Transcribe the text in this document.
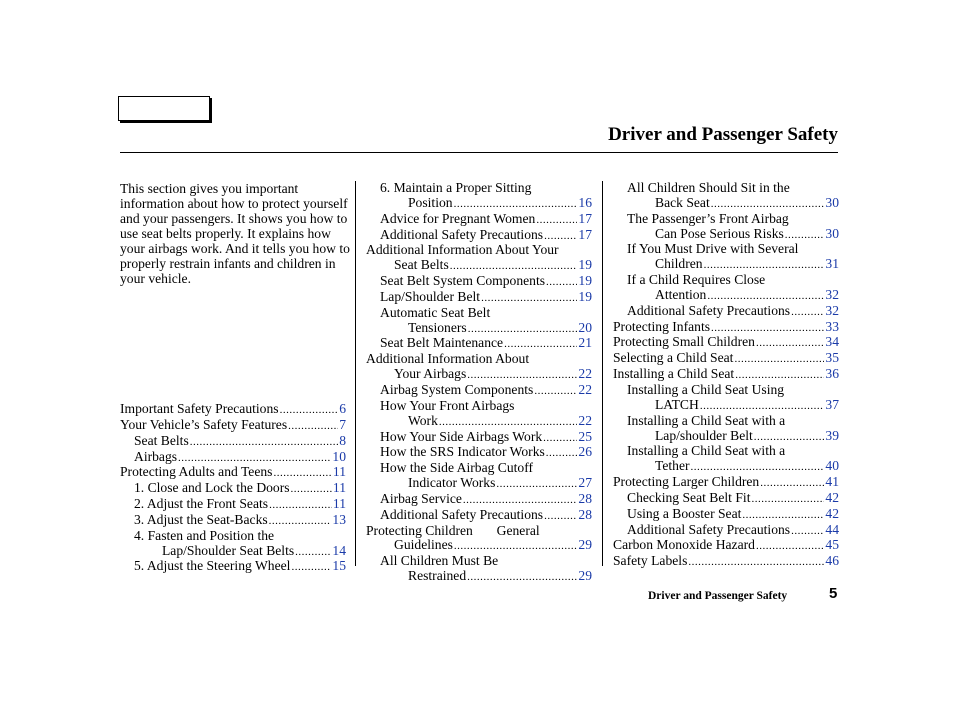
Driver and Passenger Safety
This section gives you important information about how to protect yourself and your passengers. It shows you how to use seat belts properly. It explains how your airbags work. And it tells you how to properly restrain infants and children in your vehicle.
Important Safety Precautions .....	6
Your Vehicle’s Safety Features .....	7
Seat Belts .....	8
Airbags .....	10
Protecting Adults and Teens .....	11
1. Close and Lock the Doors .....	11
2. Adjust the Front Seats .....	11
3. Adjust the Seat-Backs .....	13
4. Fasten and Position the
Lap/Shoulder Seat Belts .....	14
5. Adjust the Steering Wheel .....	15
6. Maintain a Proper Sitting
Position .....	16
Advice for Pregnant Women .....	17
Additional Safety Precautions .....	17
Additional Information About Your
Seat Belts .....	19
Seat Belt System Components ..... 19
Lap/Shoulder Belt .....	19
Automatic Seat Belt
Tensioners .....	20
Seat Belt Maintenance .....	21
Additional Information About
Your Airbags .....	22
Airbag System Components .....	22
How Your Front Airbags
Work .....	22
How Your Side Airbags Work .....	25
How the SRS Indicator Works ..... 26
How the Side Airbag Cutoff
Indicator Works .....	27
Airbag Service .....	28
Additional Safety Precautions .....	28
Protecting Children       General
Guidelines .....	29
All Children Must Be
Restrained .....	29
All Children Should Sit in the
Back Seat .....	30
The Passenger’s Front Airbag
Can Pose Serious Risks .....	30
If You Must Drive with Several
Children .....	31
If a Child Requires Close
Attention .....	32
Additional Safety Precautions .....	32
Protecting Infants .....	33
Protecting Small Children .....	34
Selecting a Child Seat .....	35
Installing a Child Seat .....	36
Installing a Child Seat Using
LATCH .....	37
Installing a Child Seat with a
Lap/shoulder Belt .....	39
Installing a Child Seat with a
Tether .....	40
Protecting Larger Children .....	41
Checking Seat Belt Fit .....	42
Using a Booster Seat .....	42
Additional Safety Precautions .....	44
Carbon Monoxide Hazard .....	45
Safety Labels .....	46
Driver and Passenger Safety	5
